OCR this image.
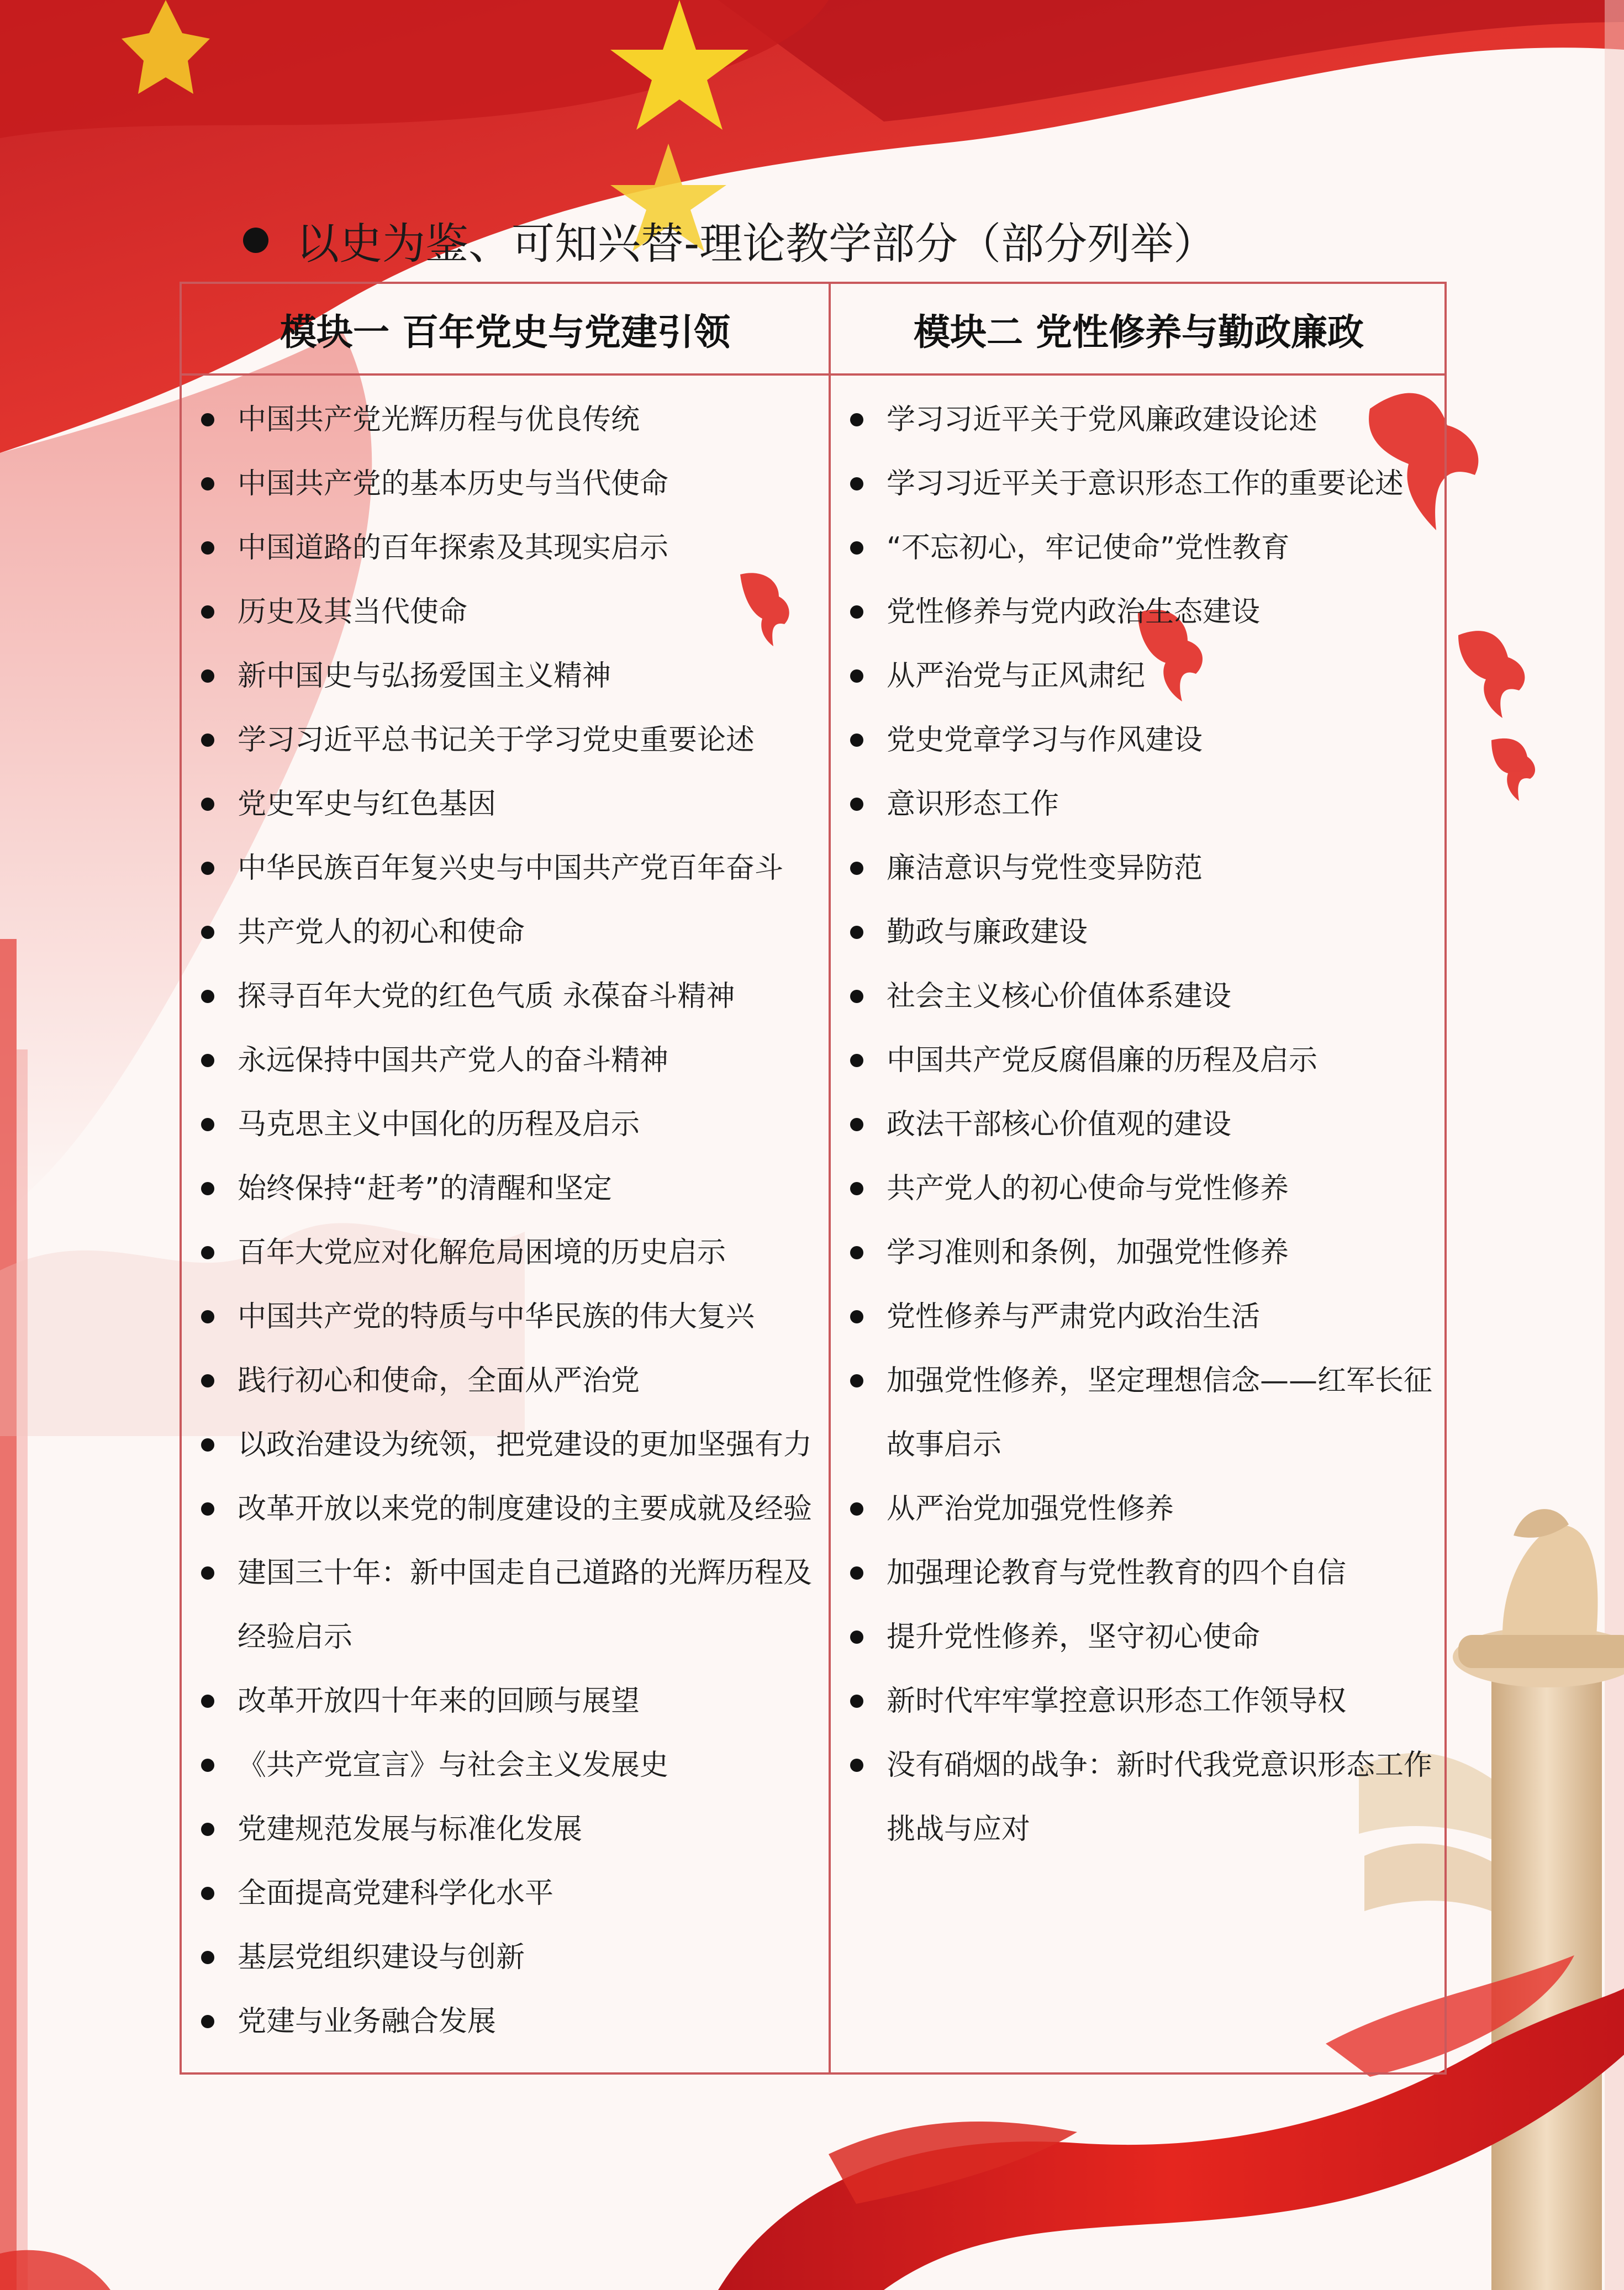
以史为鉴、可知兴替-理论教学部分（部分列举）
模块一 百年党史与党建引领	模块二 党性修养与勤政廉政
中国共产党光辉历程与优良传统
中国共产党的基本历史与当代使命
中国道路的百年探索及其现实启示
历史及其当代使命
新中国史与弘扬爱国主义精神
学习习近平总书记关于学习党史重要论述
党史军史与红色基因
中华民族百年复兴史与中国共产党百年奋斗
共产党人的初心和使命
探寻百年大党的红色气质 永葆奋斗精神
永远保持中国共产党人的奋斗精神
马克思主义中国化的历程及启示
始终保持“赶考”的清醒和坚定
百年大党应对化解危局困境的历史启示
中国共产党的特质与中华民族的伟大复兴
践行初心和使命，全面从严治党
以政治建设为统领，把党建设的更加坚强有力
改革开放以来党的制度建设的主要成就及经验
建国三十年：新中国走自己道路的光辉历程及经验启示
改革开放四十年来的回顾与展望
《共产党宣言》与社会主义发展史
党建规范发展与标准化发展
全面提高党建科学化水平
基层党组织建设与创新
党建与业务融合发展
学习习近平关于党风廉政建设论述
学习习近平关于意识形态工作的重要论述
“不忘初心，牢记使命”党性教育
党性修养与党内政治生态建设
从严治党与正风肃纪
党史党章学习与作风建设
意识形态工作
廉洁意识与党性变异防范
勤政与廉政建设
社会主义核心价值体系建设
中国共产党反腐倡廉的历程及启示
政法干部核心价值观的建设
共产党人的初心使命与党性修养
学习准则和条例，加强党性修养
党性修养与严肃党内政治生活
加强党性修养，坚定理想信念——红军长征故事启示
从严治党加强党性修养
加强理论教育与党性教育的四个自信
提升党性修养，坚守初心使命
新时代牢牢掌控意识形态工作领导权
没有硝烟的战争：新时代我党意识形态工作挑战与应对
